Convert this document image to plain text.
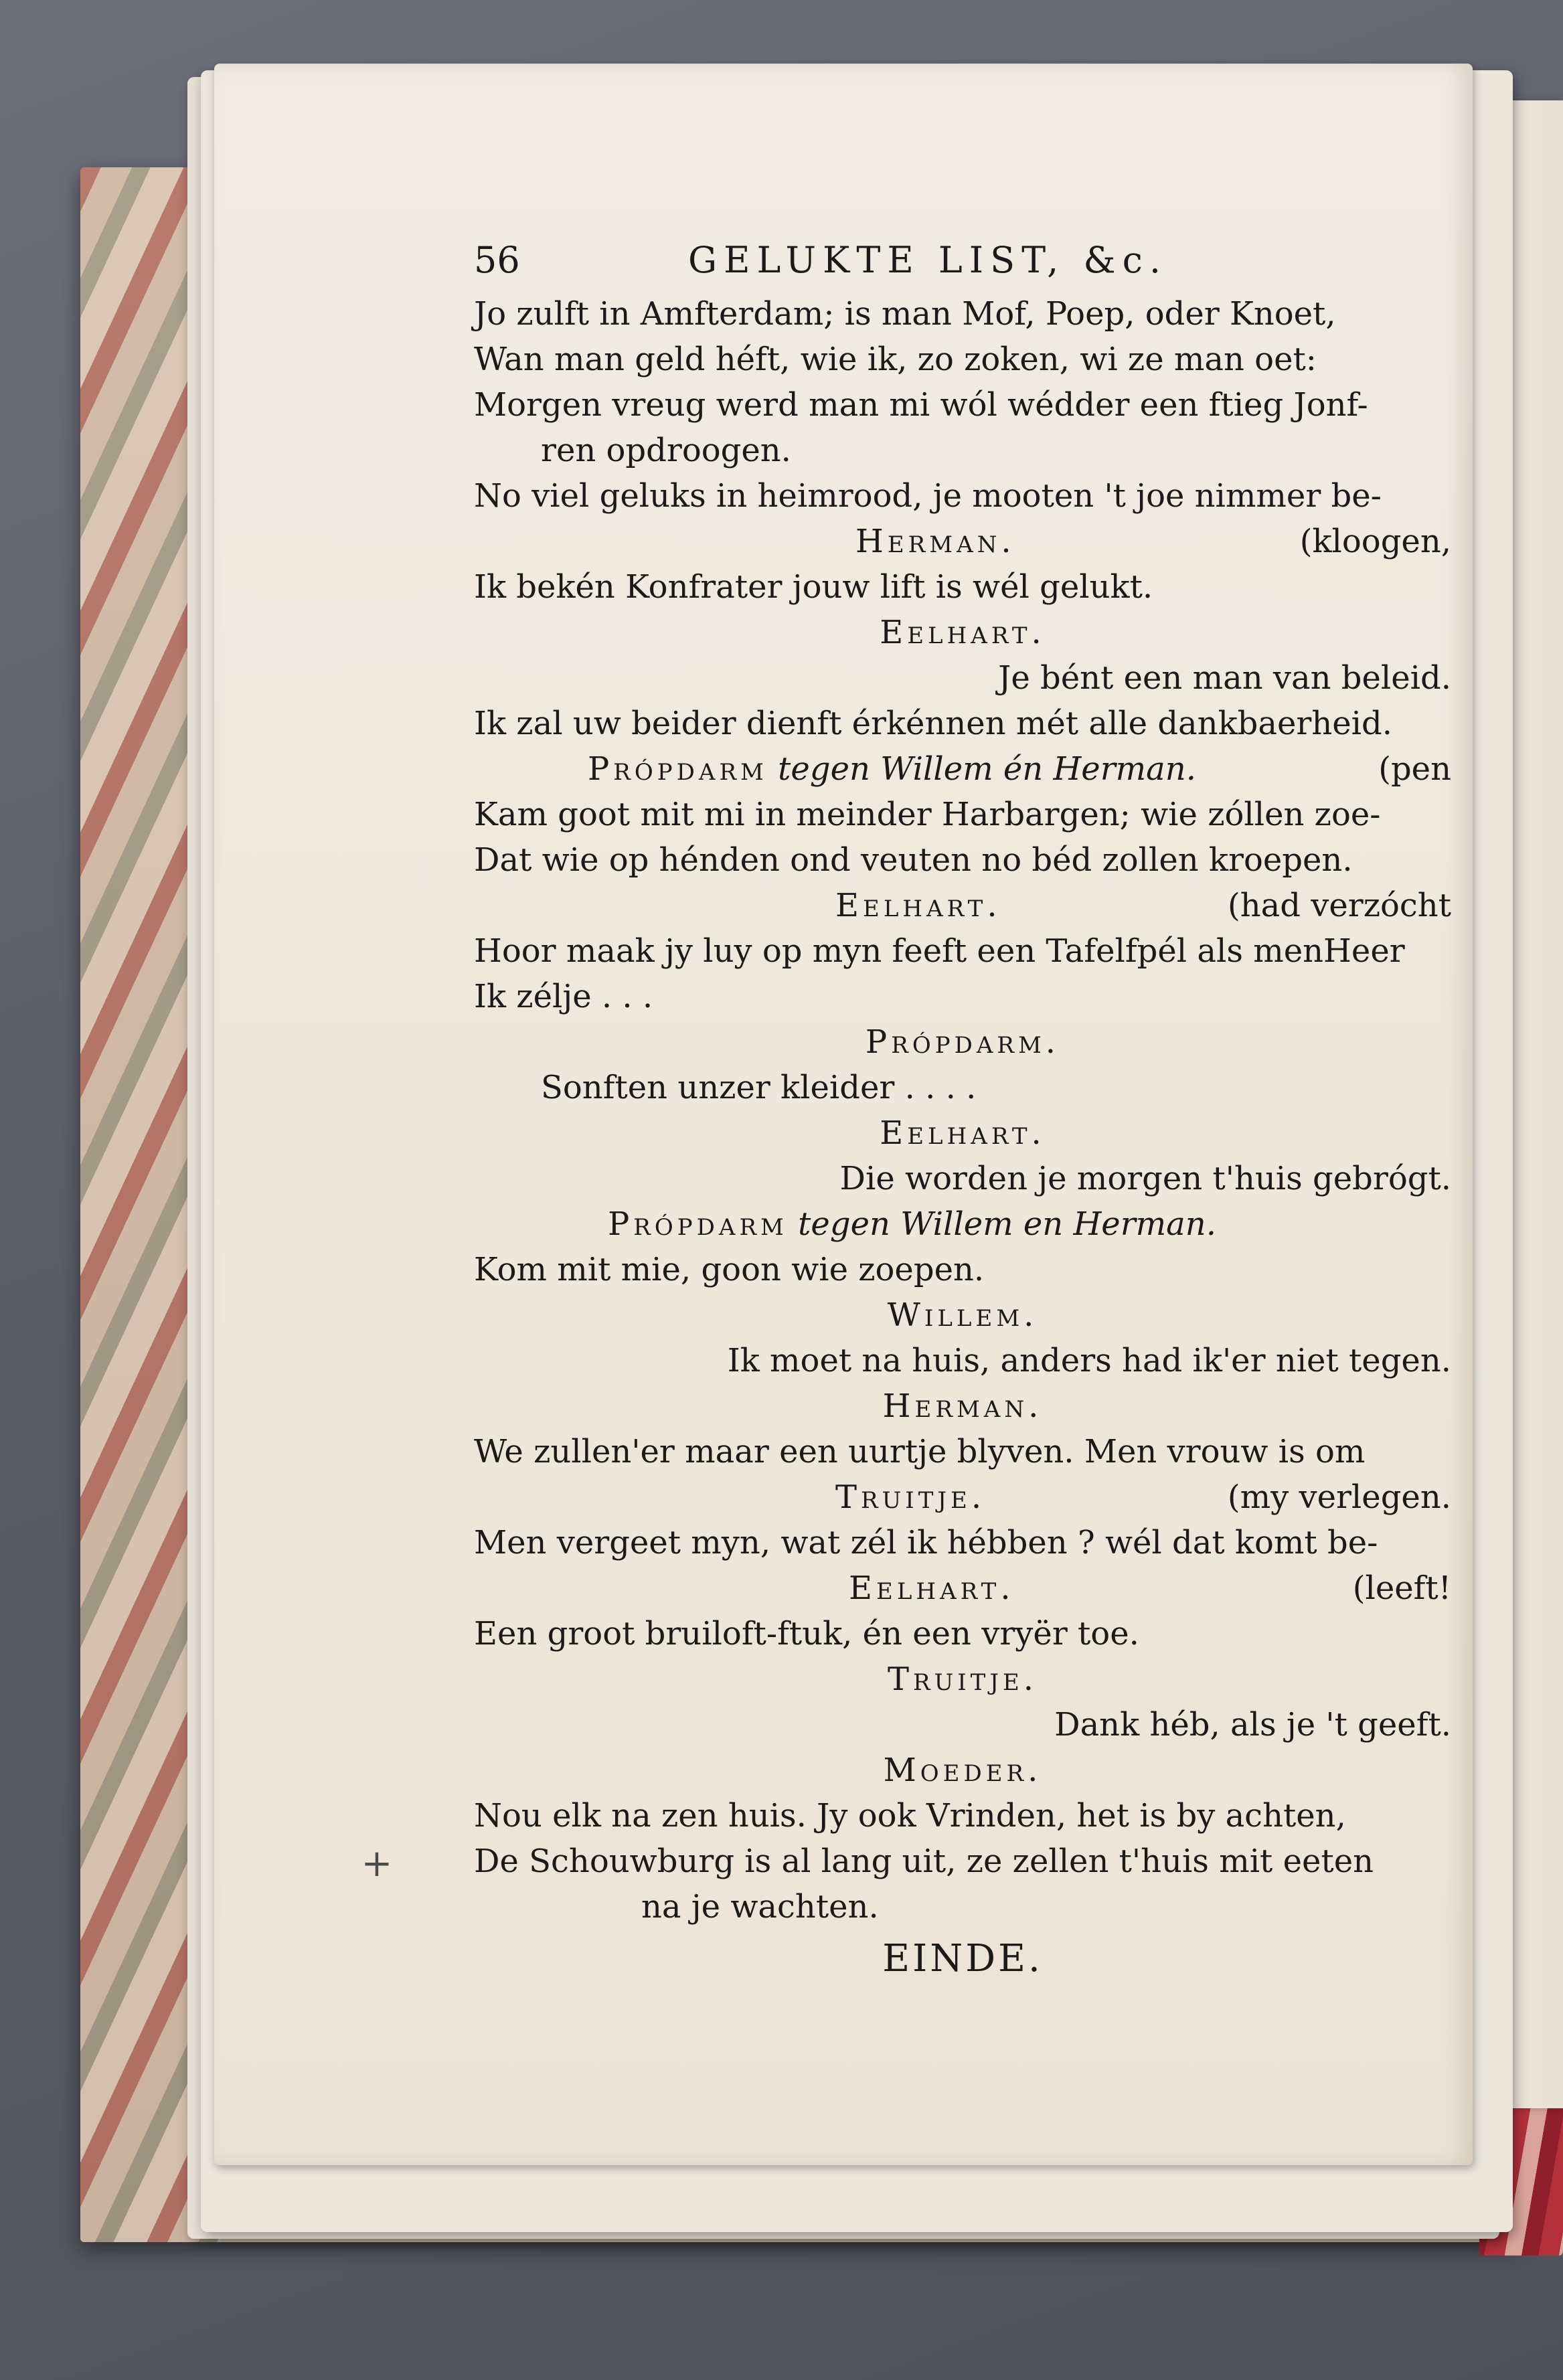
+
56	GELUKTE LIST, &c.
Jo zulft in Amfterdam; is man Mof, Poep, oder Knoet,
Wan man geld héft, wie ik, zo zoken, wi ze man oet:
Morgen vreug werd man mi wól wédder een ftieg Jonf-
ren opdroogen.
No viel geluks in heimrood, je mooten 't joe nimmer be-
Herman.	(kloogen,
Ik bekén Konfrater jouw lift is wél gelukt.
Eelhart.
Je bént een man van beleid.
Ik zal uw beider dienft érkénnen mét alle dankbaerheid.
Própdarm tegen Willem én Herman.	(pen
Kam goot mit mi in meinder Harbargen; wie zóllen zoe-
Dat wie op hénden ond veuten no béd zollen kroepen.
Eelhart.	(had verzócht
Hoor maak jy luy op myn feeft een Tafelfpél als menHeer
Ik zélje . . .
Própdarm.
Sonften unzer kleider . . . .
Eelhart.
Die worden je morgen t'huis gebrógt.
Própdarm tegen Willem en Herman.
Kom mit mie, goon wie zoepen.
Willem.
Ik moet na huis, anders had ik'er niet tegen.
Herman.
We zullen'er maar een uurtje blyven. Men vrouw is om
Truitje.	(my verlegen.
Men vergeet myn, wat zél ik hébben ? wél dat komt be-
Eelhart.	(leeft!
Een groot bruiloft-ftuk, én een vryër toe.
Truitje.
Dank héb, als je 't geeft.
Moeder.
Nou elk na zen huis. Jy ook Vrinden, het is by achten,
De Schouwburg is al lang uit, ze zellen t'huis mit eeten
na je wachten.
EINDE.
